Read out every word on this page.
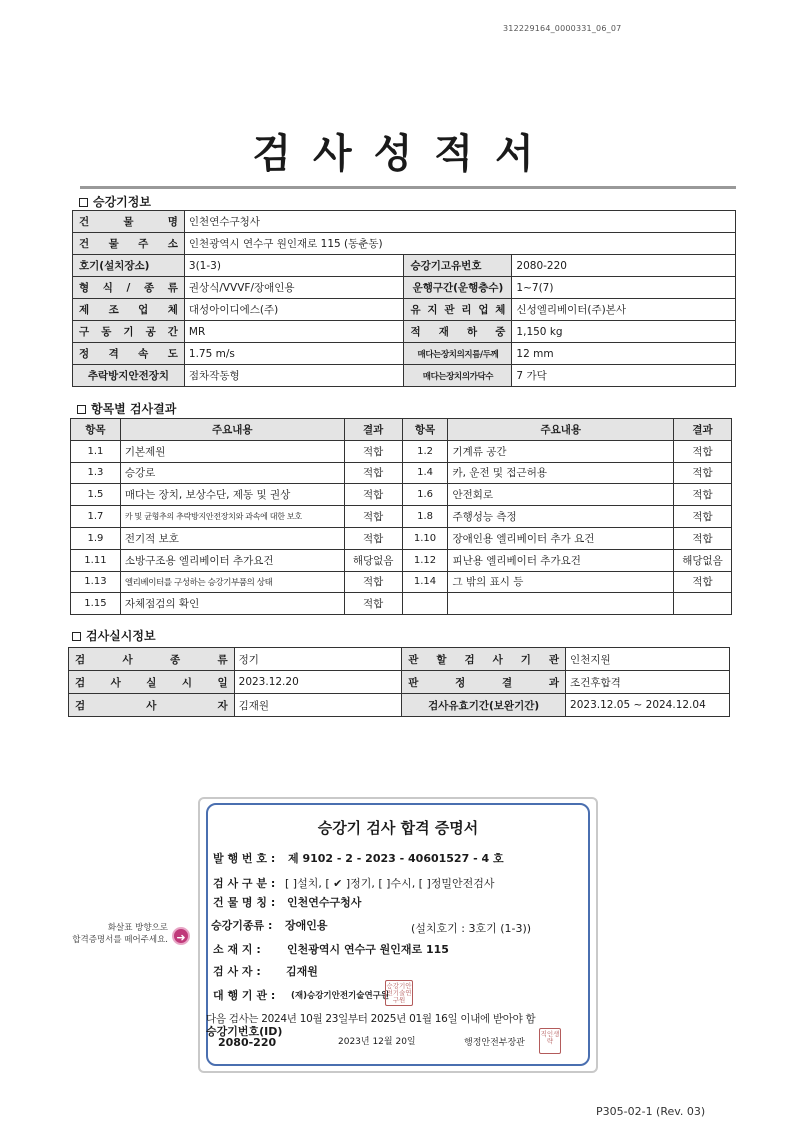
312229164_0000331_06_07
검사성적서
승강기정보
건 물 명	인천연수구청사		
건 물 주 소	인천광역시 연수구 원인재로 115 (동춘동)		
호기(설치장소)	3(1-3)	승강기고유번호	2080-220
형 식 / 종 류	권상식/VVVF/장애인용	운행구간(운행층수)	1~7(7)
제 조 업 체	대성아이디에스(주)	유 지 관 리 업 체	신성엘리베이터(주)본사
구 동 기 공 간	MR	적 재 하 중	1,150 kg
정 격 속 도	1.75 m/s	매다는장치의지름/두께	12 mm
추락방지안전장치	점차작동형	매다는장치의가닥수	7 가닥
항목별 검사결과
항목	주요내용	결과	항목	주요내용	결과
1.1	기본제원	적합	1.2	기계류 공간	적합
1.3	승강로	적합	1.4	카, 운전 및 접근허용	적합
1.5	매다는 장치, 보상수단, 제동 및 권상	적합	1.6	안전회로	적합
1.7	카 및 균형추의 추락방지안전장치와 과속에 대한 보호	적합	1.8	주행성능 측정	적합
1.9	전기적 보호	적합	1.10	장애인용 엘리베이터 추가 요건	적합
1.11	소방구조용 엘리베이터 추가요건	해당없음	1.12	피난용 엘리베이터 추가요건	해당없음
1.13	엘리베이터를 구성하는 승강기부품의 상태	적합	1.14	그 밖의 표시 등	적합
1.15	자체점검의 확인	적합			
검사실시정보
검 사 종 류	정기	관 할 검 사 기 관	인천지원
검 사 실 시 일	2023.12.20	판 정 결 과	조건후합격
검 사 자	김재원	검사유효기간(보완기간)	2023.12.05 ~ 2024.12.04
화살표 방향으로
합격증명서를 떼어주세요. ➜
승강기 검사 합격 증명서
발 행 번 호 : 제 9102 - 2 - 2023 - 40601527 - 4 호
검 사 구 분 : [ ]설치, [ ✔ ]정기, [ ]수시, [ ]정밀안전검사
건 물 명 칭 : 인천연수구청사
승강기종류 : 장애인용	(설치호기 : 3호기 (1-3))
소 재 지 : 인천광역시 연수구 원인재로 115
검 사 자 : 김재원
대 행 기 관 : (재)승강기안전기술연구원
승강기안전기술연구원
다음 검사는 2024년 10월 23일부터 2025년 01월 16일 이내에 받아야 함
승강기번호(ID)
2080-220	2023년 12월 20일	행정안전부장관
직인생략
P305-02-1 (Rev. 03)
